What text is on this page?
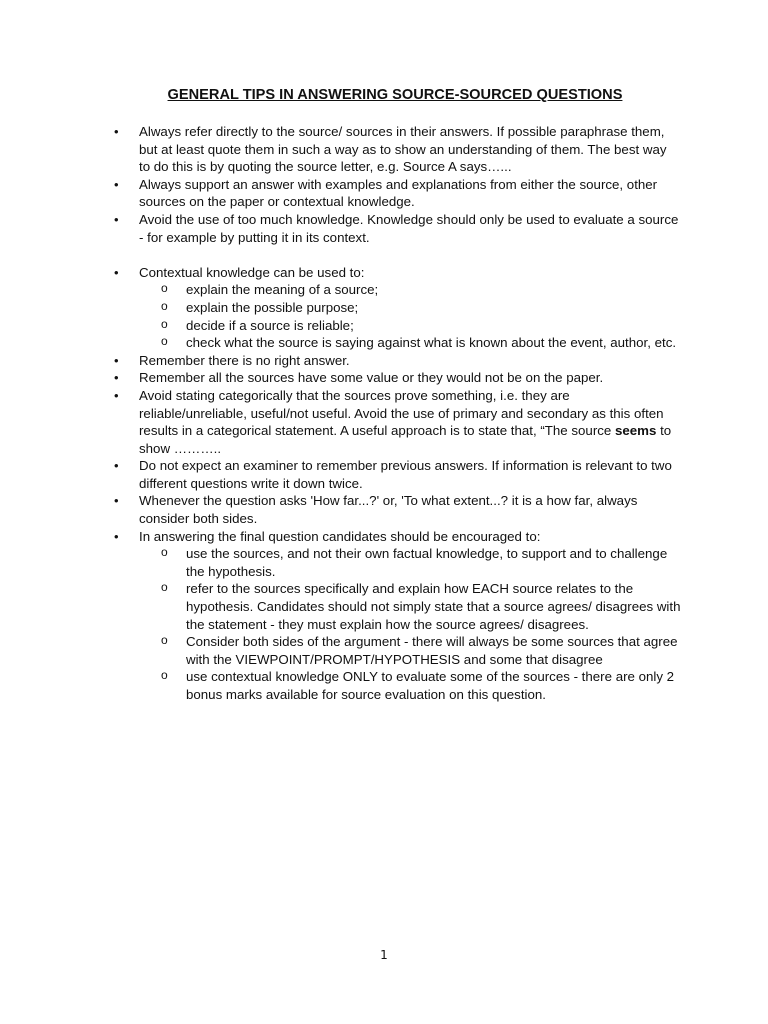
GENERAL TIPS IN ANSWERING SOURCE-SOURCED QUESTIONS
•	Always refer directly to the source/ sources in their answers. If possible paraphrase them, but at least quote them in such a way as to show an understanding of them. The best way to do this is by quoting the source letter, e.g. Source A says…...
•	Always support an answer with examples and explanations from either the source, other sources on the paper or contextual knowledge.
•	Avoid the use of too much knowledge. Knowledge should only be used to evaluate a source - for example by putting it in its context.
•	Contextual knowledge can be used to:
o explain the meaning of a source;
o explain the possible purpose;
o decide if a source is reliable;
o check what the source is saying against what is known about the event, author, etc.
•	Remember there is no right answer.
•	Remember all the sources have some value or they would not be on the paper.
•	Avoid stating categorically that the sources prove something, i.e. they are reliable/unreliable, useful/not useful. Avoid the use of primary and secondary as this often results in a categorical statement. A useful approach is to state that, “The source seems to show ………..
•	Do not expect an examiner to remember previous answers. If information is relevant to two different questions write it down twice.
•	Whenever the question asks 'How far...?' or, 'To what extent...? it is a how far, always consider both sides.
•	In answering the final question candidates should be encouraged to:
o use the sources, and not their own factual knowledge, to support and to challenge the hypothesis.
o refer to the sources specifically and explain how EACH source relates to the hypothesis. Candidates should not simply state that a source agrees/ disagrees with the statement - they must explain how the source agrees/ disagrees.
o Consider both sides of the argument - there will always be some sources that agree with the VIEWPOINT/PROMPT/HYPOTHESIS and some that disagree
o use contextual knowledge ONLY to evaluate some of the sources - there are only 2 bonus marks available for source evaluation on this question.
1
